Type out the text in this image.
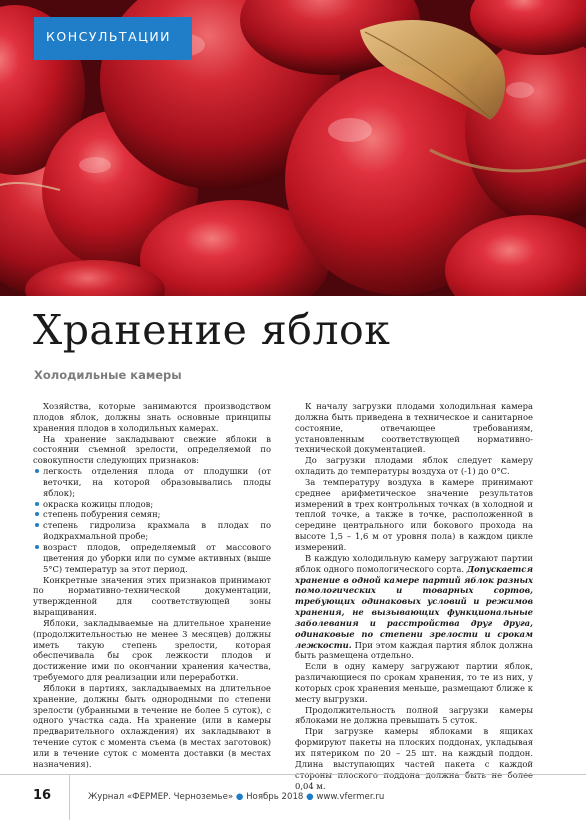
КОНСУЛЬТАЦИИ
Хранение яблок
Холодильные камеры

Хозяйства, которые занимаются производством плодов яблок, должны знать основные принципы хранения плодов в холодильных камерах.

На хранение закладывают свежие яблоки в состоянии съемной зрелости, определяемой по совокупности следующих признаков:

легкость отделения плода от плодушки (от веточки, на которой образовывались плоды яблок);

окраска кожицы плодов;

степень побурения семян;

степень гидролиза крахмала в плодах по йодкрахмальной пробе;

возраст плодов, определяемый от массового цветения до уборки или по сумме активных (выше 5°С) температур за этот период.

Конкретные значения этих признаков принимают по нормативно-технической документации, утвержденной для соответствующей зоны выращивания.

Яблоки, закладываемые на длительное хранение (продолжительностью не менее 3 месяцев) должны иметь такую степень зрелости, которая обеспечивала бы срок лежкости плодов и достижение ими по окончании хранения качества, требуемого для реализации или переработки.

Яблоки в партиях, закладываемых на длительное хранение, должны быть однородными по степени зрелости (убранными в течение не более 5 суток), с одного участка сада. На хранение (или в камеры предварительного охлаждения) их закладывают в течение суток с момента съема (в местах заготовок) или в течение суток с момента доставки (в местах назначения).

К началу загрузки плодами холодильная камера должна быть приведена в техническое и санитарное состояние, отвечающее требованиям, установленным соответствующей нормативно-технической документацией.

До загрузки плодами яблок следует камеру охладить до температуры воздуха от (-1) до 0°С.

За температуру воздуха в камере принимают среднее арифметическое значение результатов измерений в трех контрольных точках (в холодной и теплой точке, а также в точке, расположенной в середине центрального или бокового прохода на высоте 1,5 – 1,6 м от уровня пола) в каждом цикле измерений.

В каждую холодильную камеру загружают партии яблок одного помологического сорта. Допускается хранение в одной камере партий яблок разных помологических и товарных сортов, требующих одинаковых условий и режимов хранения, не вызывающих функциональные заболевания и расстройства друг друга, одинаковые по степени зрелости и срокам лежкости. При этом каждая партия яблок должна быть размещена отдельно.

Если в одну камеру загружают партии яблок, различающиеся по срокам хранения, то те из них, у которых срок хранения меньше, размещают ближе к месту выгрузки.

Продолжительность полной загрузки камеры яблоками не должна превышать 5 суток.

При загрузке камеры яблоками в ящиках формируют пакеты на плоских поддонах, укладывая их пятериком по 20 – 25 шт. на каждый поддон. Длина выступающих частей пакета с каждой 0,04 м.

16	Журнал «ФЕРМЕР. Черноземье» ● Ноябрь 2018 ● www.vfermer.ru
